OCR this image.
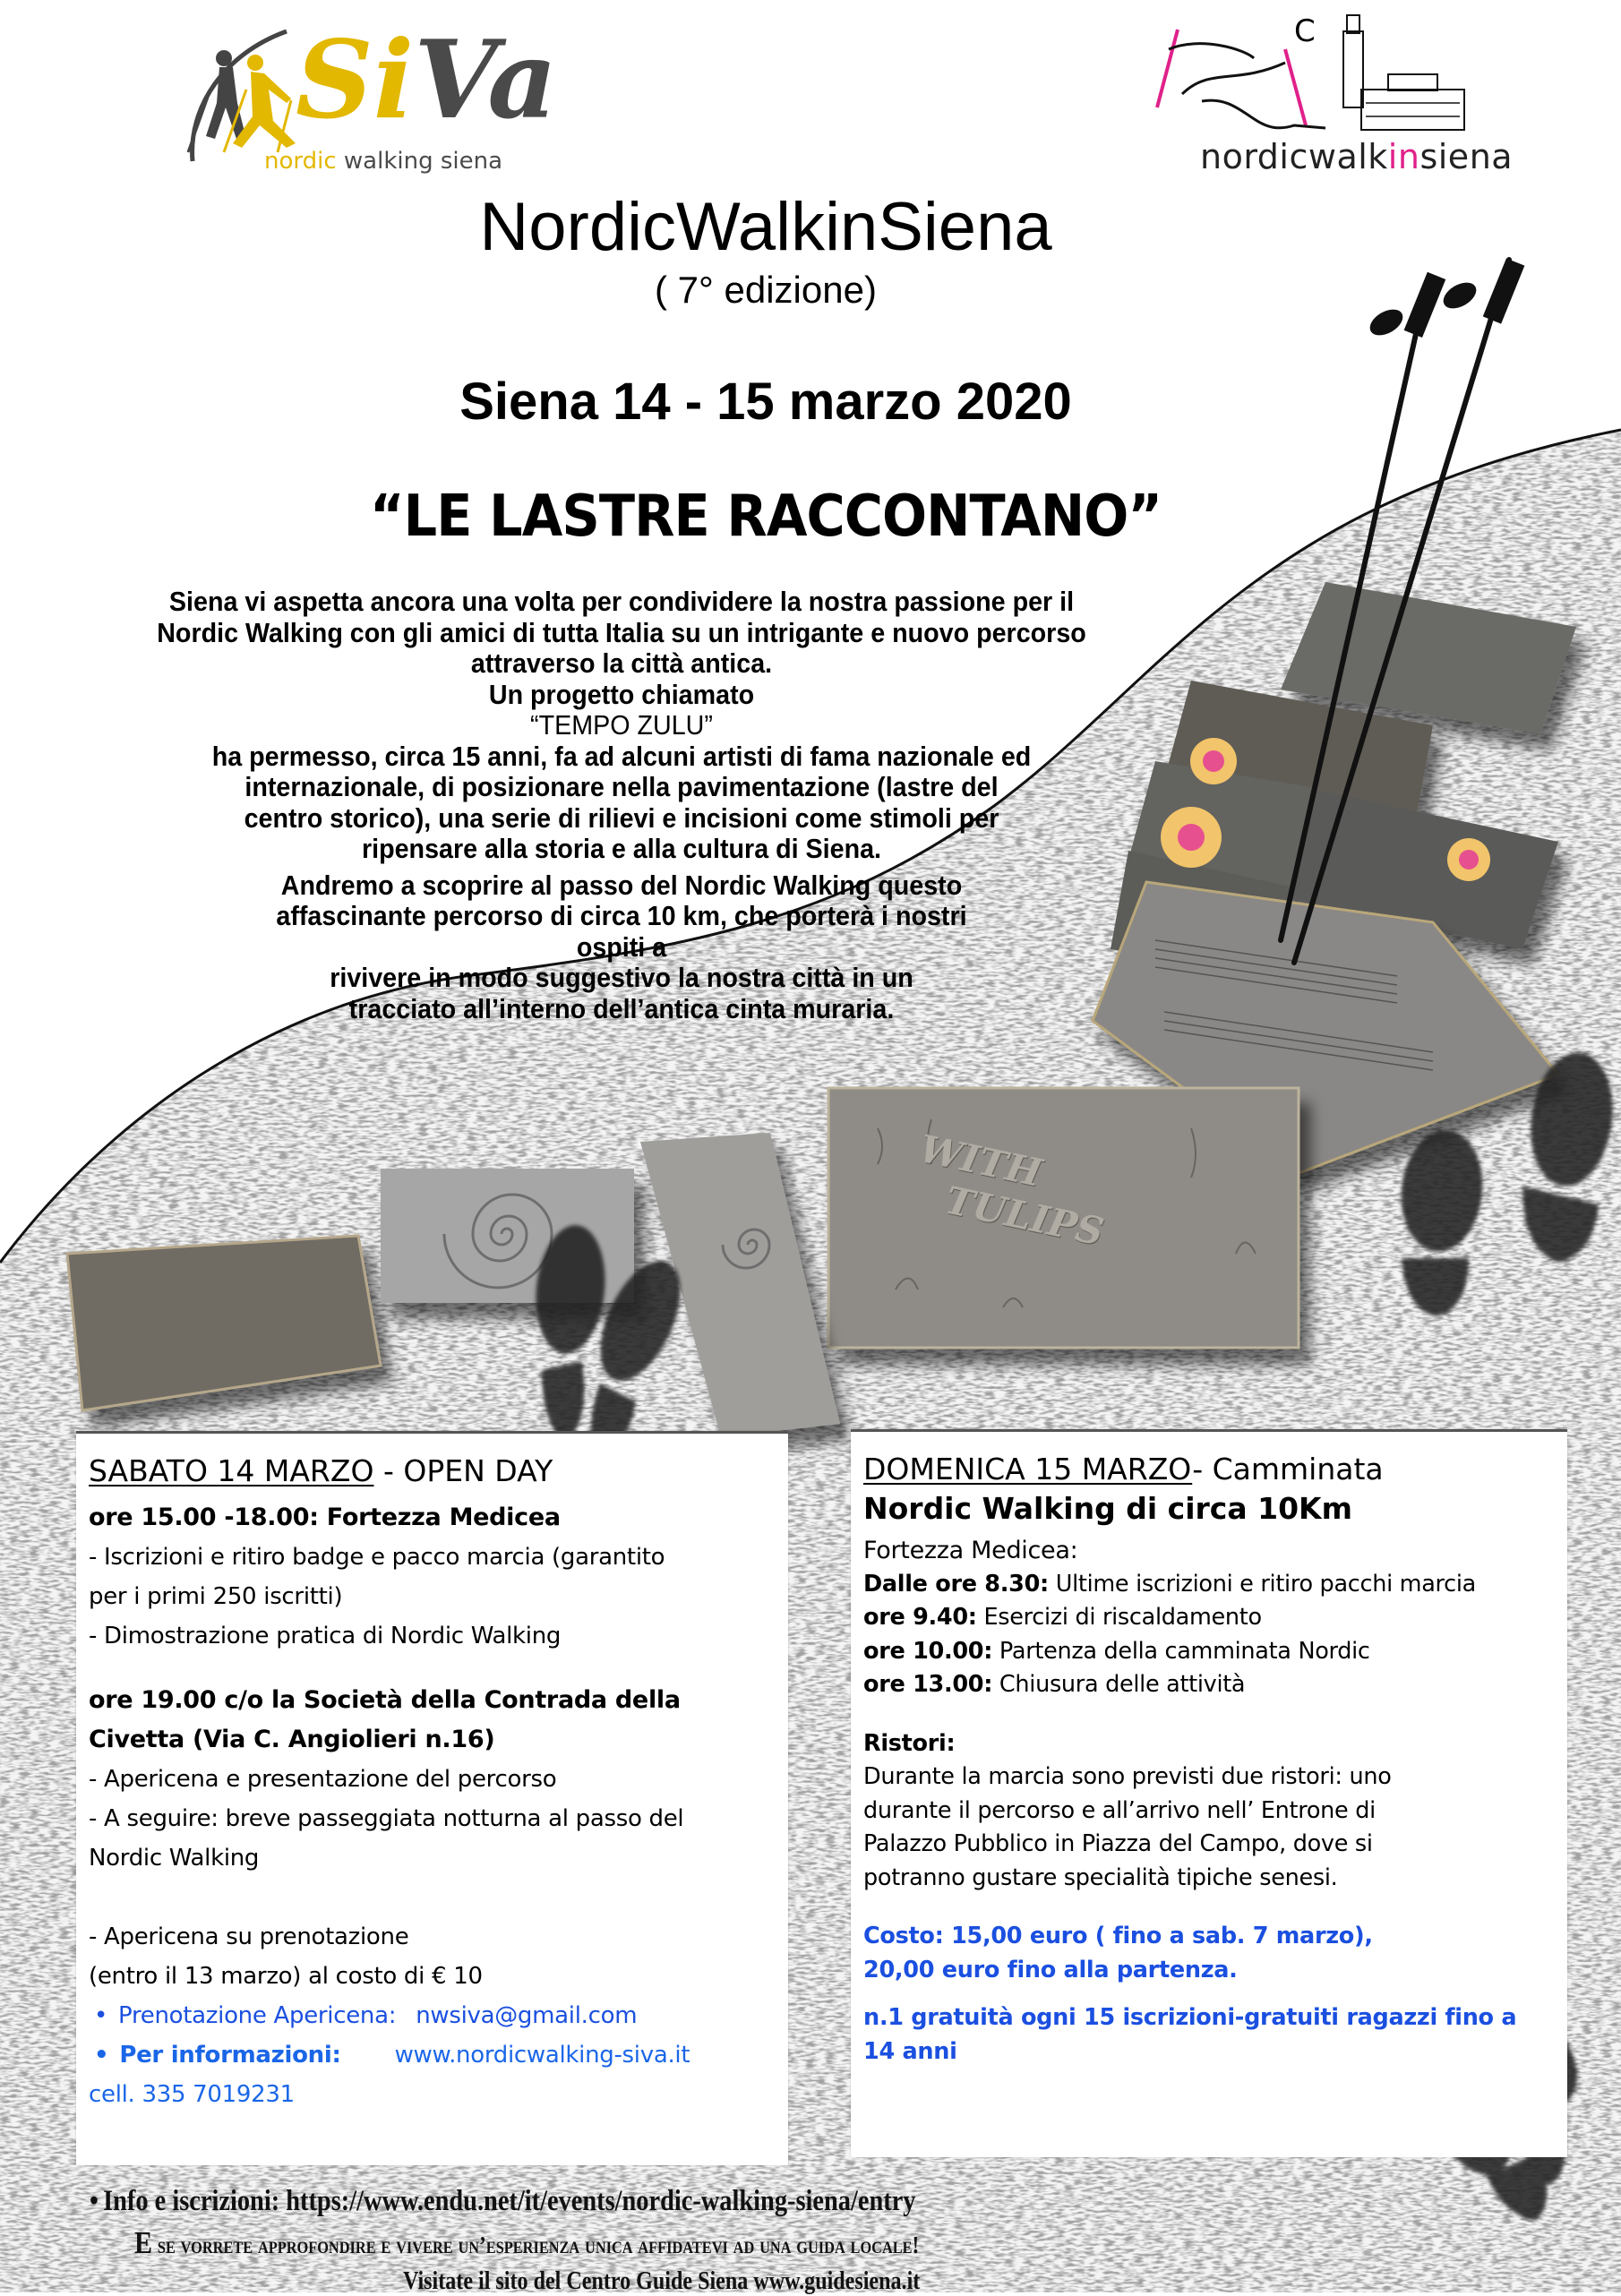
WITH
TULIPS
SiVa
nordic walking siena
C
nordicwalkinsiena
NordicWalkinSiena
( 7° edizione)
Siena 14 - 15 marzo 2020
“LE LASTRE RACCONTANO”

Siena vi aspetta ancora una volta per condividere la nostra passione per il

Nordic Walking con gli amici di tutta Italia su un intrigante e nuovo percorso

attraverso la città antica.

Un progetto chiamato

“TEMPO ZULU”

ha permesso, circa 15 anni, fa ad alcuni artisti di fama nazionale ed

internazionale, di posizionare nella pavimentazione (lastre del

centro storico), una serie di rilievi e incisioni come stimoli per

ripensare alla storia e alla cultura di Siena.

Andremo a scoprire al passo del Nordic Walking questo

affascinante percorso di circa 10 km, che porterà i nostri

ospiti a

rivivere in modo suggestivo la nostra città in un

tracciato all’interno dell’antica cinta muraria.

SABATO 14 MARZO - OPEN DAY
ore 15.00 -18.00: Fortezza Medicea
- Iscrizioni e ritiro badge e pacco marcia (garantito
per i primi 250 iscritti)
- Dimostrazione pratica di Nordic Walking
ore 19.00 c/o la Società della Contrada della
Civetta (Via C. Angiolieri n.16)
- Apericena e presentazione del percorso
- A seguire: breve passeggiata notturna al passo del
Nordic Walking
- Apericena su prenotazione
(entro il 13 marzo) al costo di € 10
• Prenotazione Apericena: nwsiva@gmail.com
• Per informazioni: www.nordicwalking-siva.it
cell. 335 7019231
DOMENICA 15 MARZO- Camminata
Nordic Walking di circa 10Km
Fortezza Medicea:
Dalle ore 8.30: Ultime iscrizioni e ritiro pacchi marcia
ore 9.40: Esercizi di riscaldamento
ore 10.00: Partenza della camminata Nordic
ore 13.00: Chiusura delle attività
Ristori:
Durante la marcia sono previsti due ristori: uno
durante il percorso e all’arrivo nell’ Entrone di
Palazzo Pubblico in Piazza del Campo, dove si
potranno gustare specialità tipiche senesi.
Costo: 15,00 euro ( fino a sab. 7 marzo),
20,00 euro fino alla partenza.
n.1 gratuità ogni 15 iscrizioni-gratuiti ragazzi fino a
14 anni
• Info e iscrizioni: https://www.endu.net/it/events/nordic-walking-siena/entry
E se vorrete approfondire e vivere un’esperienza unica affidatevi ad una guida locale!
Visitate il sito del Centro Guide Siena www.guidesiena.it
